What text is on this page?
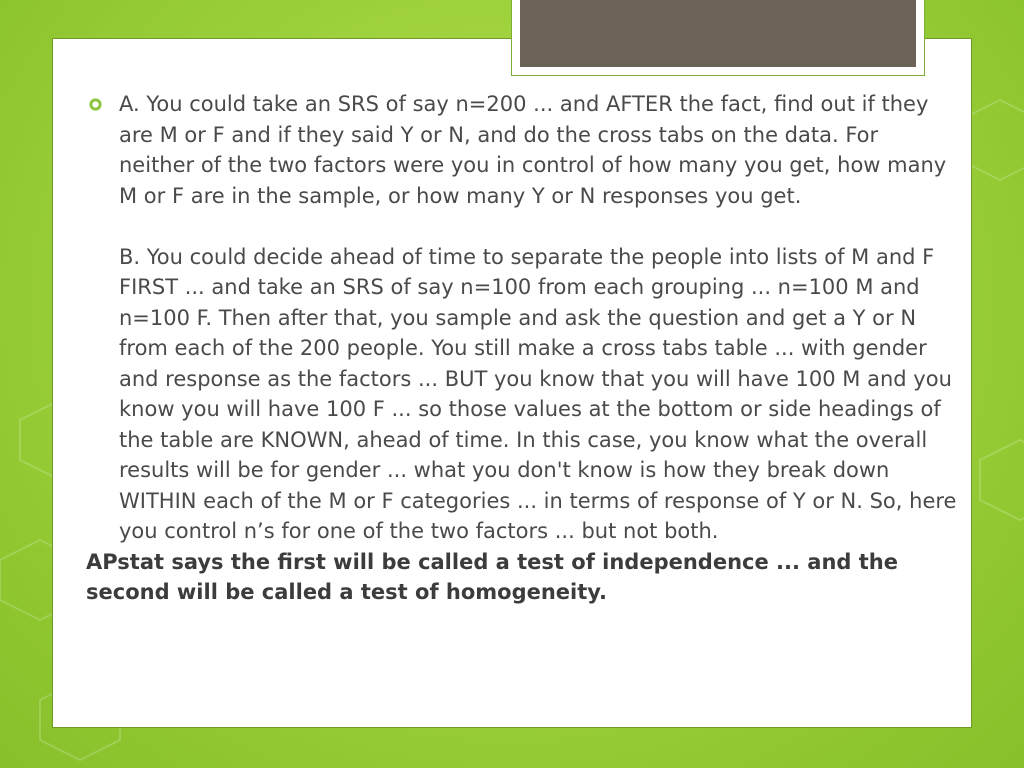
A. You could take an SRS of say n=200 ... and AFTER the fact, find out if they are M or F and if they said Y or N, and do the cross tabs on the data. For neither of the two factors were you in control of how many you get, how many M or F are in the sample, or how many Y or N responses you get.

B. You could decide ahead of time to separate the people into lists of M and F FIRST ... and take an SRS of say n=100 from each grouping ... n=100 M and n=100 F. Then after that, you sample and ask the question and get a Y or N from each of the 200 people. You still make a cross tabs table ... with gender and response as the factors ... BUT you know that you will have 100 M and you know you will have 100 F ... so those values at the bottom or side headings of the table are KNOWN, ahead of time. In this case, you know what the overall results will be for gender ... what you don't know is how they break down WITHIN each of the M or F categories ... in terms of response of Y or N. So, here you control n’s for one of the two factors ... but not both.

APstat says the first will be called a test of independence ... and the second will be called a test of homogeneity.
